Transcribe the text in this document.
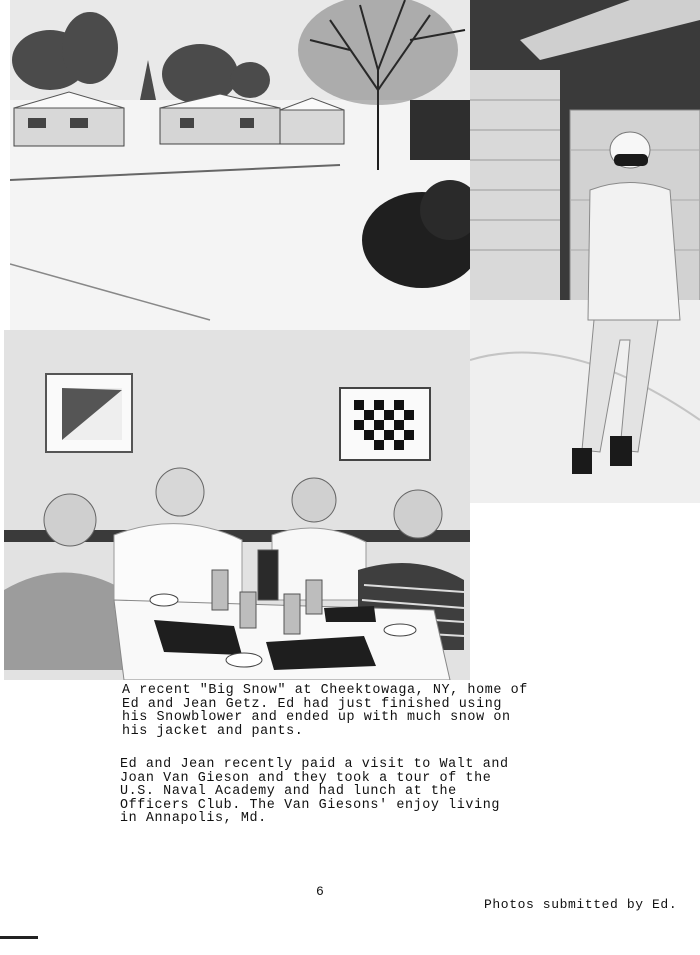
A recent "Big Snow" at Cheektowaga, NY, home of
Ed and Jean Getz. Ed had just finished using
his Snowblower and ended up with much snow on
his jacket and pants.
Ed and Jean recently paid a visit to Walt and
Joan Van Gieson and they took a tour of the
U.S. Naval Academy and had lunch at the
Officers Club. The Van Giesons' enjoy living
in Annapolis, Md.
6
Photos submitted by Ed.
